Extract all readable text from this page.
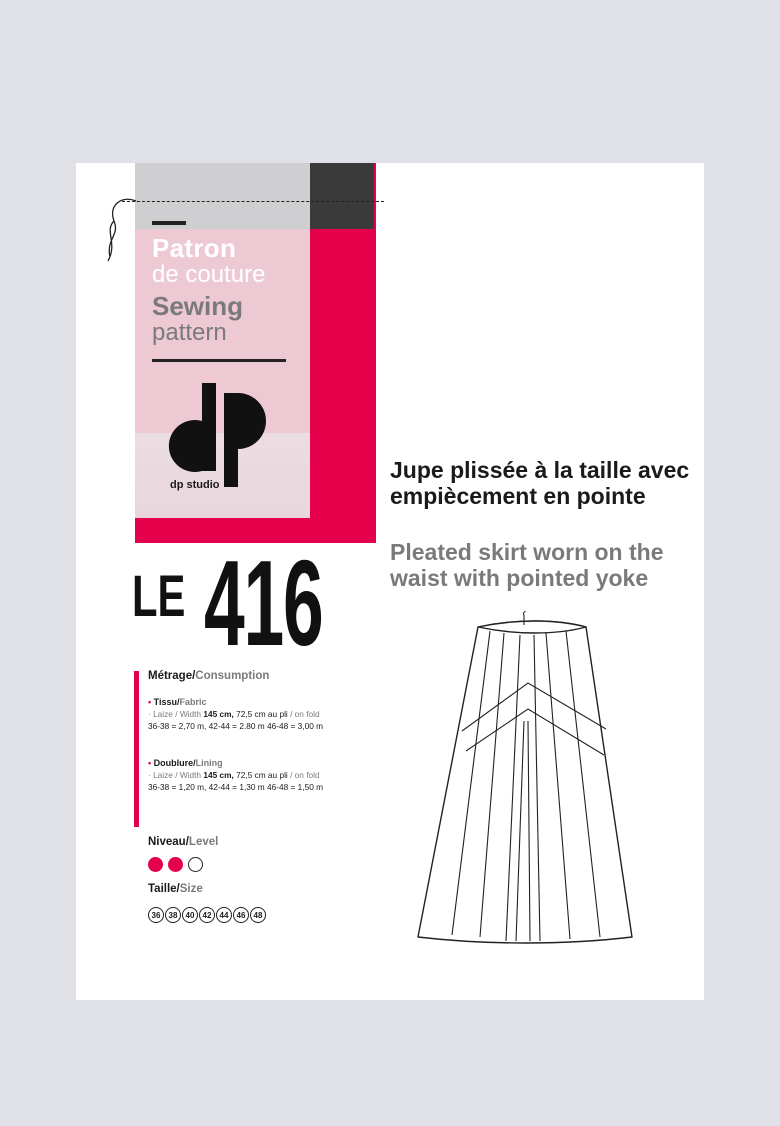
Patron
de couture
Sewing
pattern
dp studio
LE 416
Jupe plissée à la taille avec empiècement en pointe
Pleated skirt worn on the waist with pointed yoke
Métrage/Consumption
• Tissu/Fabric
· Laize / Width 145 cm, 72,5 cm au pli / on fold
36-38 = 2,70 m, 42-44 = 2.80 m 46-48 = 3,00 m
• Doublure/Lining
· Laize / Width 145 cm, 72,5 cm au pli / on fold
36-38 = 1,20 m, 42-44 = 1,30 m 46-48 = 1,50 m
Niveau/Level
Taille/Size
36	38	40	42	44	46	48
